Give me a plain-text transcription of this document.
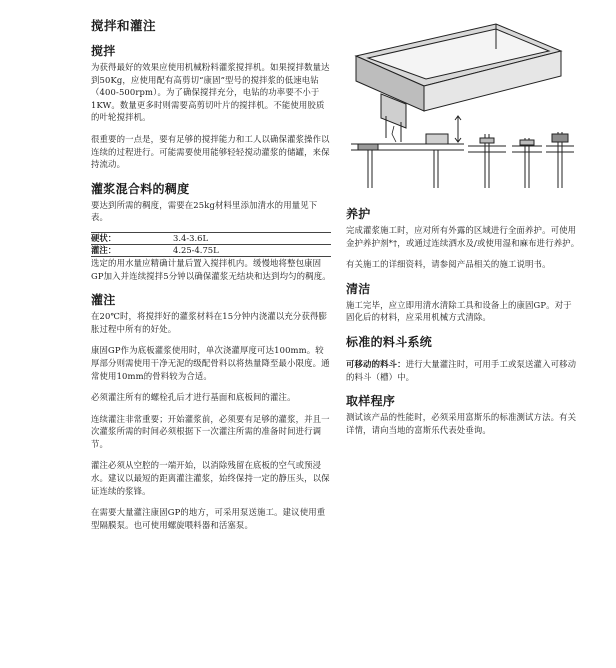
搅拌和灌注
搅拌

为获得最好的效果应使用机械粉料灌浆搅拌机。如果搅拌数量达到50Kg，应使用配有高剪切“康固”型号的搅拌浆的低速电钻（400-500rpm）。为了确保搅拌充分，电钻的功率要不小于1KW。数量更多时则需要高剪切叶片的搅拌机。不能使用胶质的叶轮搅拌机。

很重要的一点是，要有足够的搅拌能力和工人以确保灌浆操作以连续的过程进行。可能需要使用能够轻轻搅动灌浆的储罐，来保持流动。

灌浆混合料的稠度

要达到所需的稠度，需要在25kg材料里添加清水的用量见下表。

硬状：	3.4-3.6L
灌注：	4.25-4.75L

选定的用水量应精确计量后置入搅拌机内。缓慢地将整包康固GP加入并连续搅拌5分钟以确保灌浆无结块和达到均匀的稠度。

灌注

在20℃时，将搅拌好的灌浆材料在15分钟内浇灌以充分获得膨胀过程中所有的好处。

康固GP作为底板灌浆使用时，单次浇灌厚度可达100mm。较厚部分则需使用干净无泥的级配骨料以将热量降至最小限度。通常使用10mm的骨料较为合适。

必须灌注所有的螺栓孔后才进行基面和底板间的灌注。

连续灌注非常重要；开始灌浆前，必须要有足够的灌浆，并且一次灌浆所需的时间必须根据下一次灌注所需的准备时间进行调节。

灌注必须从空腔的一端开始，以消除残留在底板的空气或预浸水。建议以最短的距离灌注灌浆，始终保持一定的静压头，以保证连续的浆锋。

在需要大量灌注康固GP的地方，可采用泵送施工。建议使用重型隔膜泵。也可使用螺旋喂料器和活塞泵。

养护

完成灌浆施工时，应对所有外露的区域进行全面养护。可使用金护养护剂*†，或通过连续洒水及/或使用湿和麻布进行养护。

有关施工的详细资料，请参阅产品相关的施工说明书。

清洁

施工完毕，应立即用清水清除工具和设备上的康固GP。对于固化后的材料，应采用机械方式清除。

标准的料斗系统

可移动的料斗：进行大量灌注时，可用手工或泵送灌入可移动的料斗（槽）中。

取样程序

测试该产品的性能时，必须采用富斯乐的标准测试方法。有关详情，请向当地的富斯乐代表处垂询。
